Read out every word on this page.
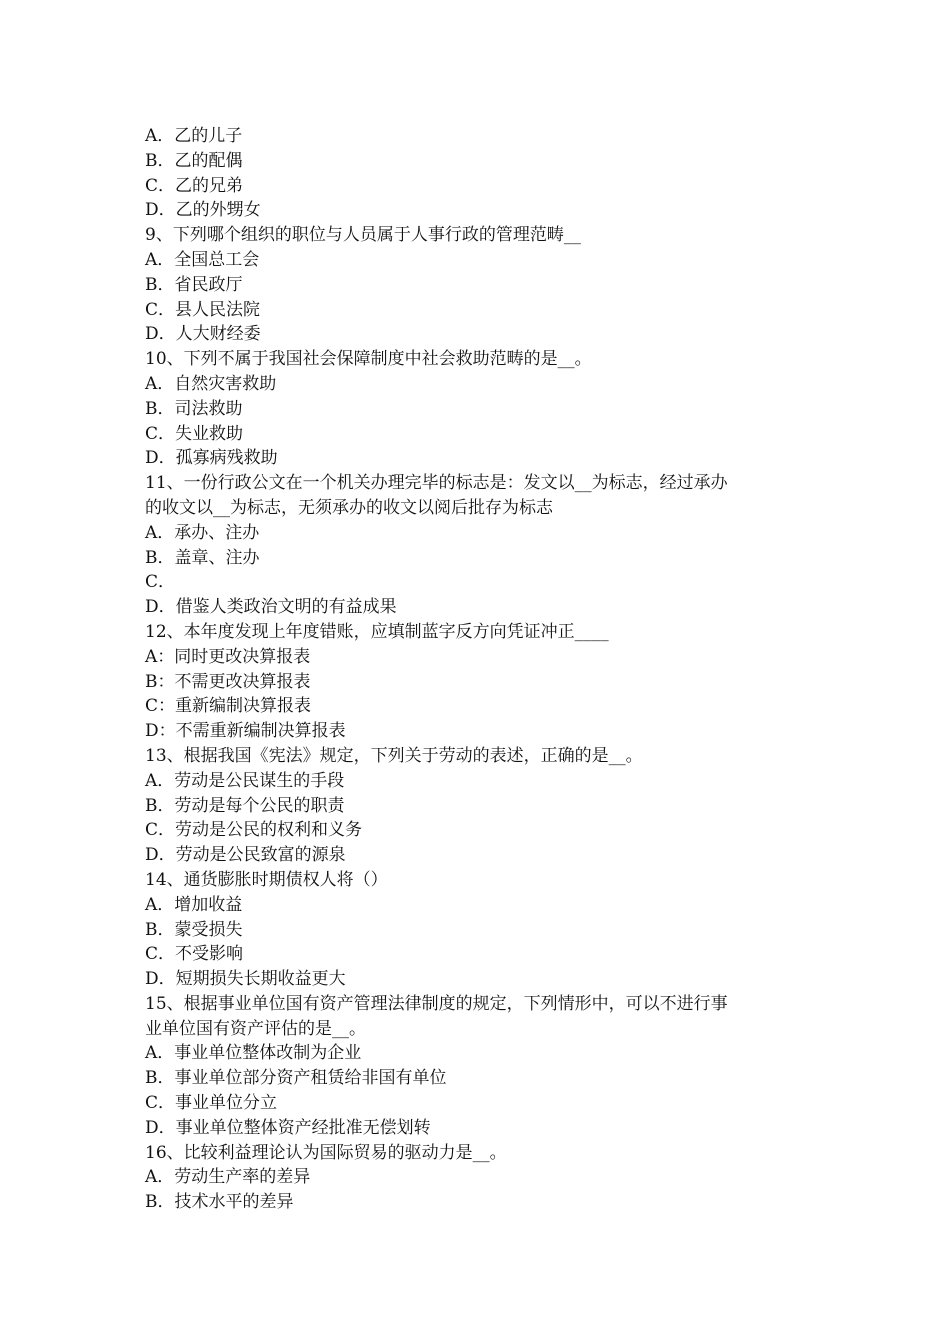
A．乙的儿子
B．乙的配偶
C．乙的兄弟
D．乙的外甥女
9、下列哪个组织的职位与人员属于人事行政的管理范畴__
A．全国总工会
B．省民政厅
C．县人民法院
D．人大财经委
10、下列不属于我国社会保障制度中社会救助范畴的是__。
A．自然灾害救助
B．司法救助
C．失业救助
D．孤寡病残救助
11、一份行政公文在一个机关办理完毕的标志是：发文以__为标志，经过承办
的收文以__为标志，无须承办的收文以阅后批存为标志
A．承办、注办
B．盖章、注办
C．
D．借鉴人类政治文明的有益成果
12、本年度发现上年度错账，应填制蓝字反方向凭证冲正____
A：同时更改决算报表
B：不需更改决算报表
C：重新编制决算报表
D：不需重新编制决算报表
13、根据我国《宪法》规定，下列关于劳动的表述，正确的是__。
A．劳动是公民谋生的手段
B．劳动是每个公民的职责
C．劳动是公民的权利和义务
D．劳动是公民致富的源泉
14、通货膨胀时期债权人将（）
A．增加收益
B．蒙受损失
C．不受影响
D．短期损失长期收益更大
15、根据事业单位国有资产管理法律制度的规定，下列情形中，可以不进行事
业单位国有资产评估的是__。
A．事业单位整体改制为企业
B．事业单位部分资产租赁给非国有单位
C．事业单位分立
D．事业单位整体资产经批准无偿划转
16、比较利益理论认为国际贸易的驱动力是__。
A．劳动生产率的差异
B．技术水平的差异
